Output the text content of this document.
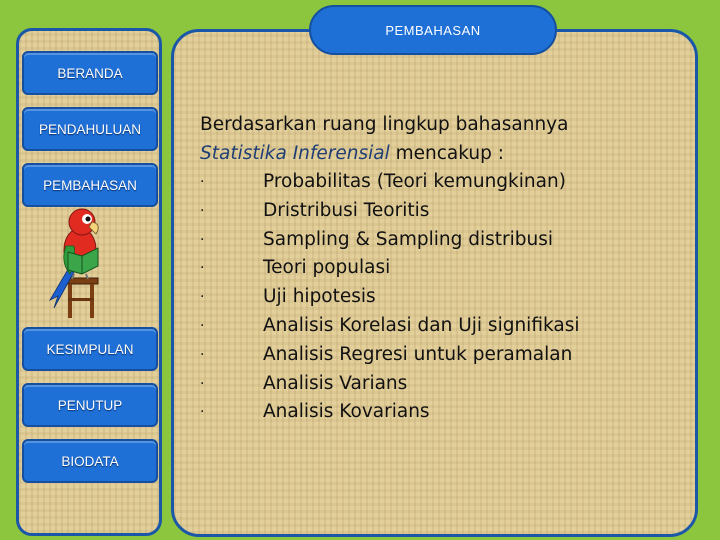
PEMBAHASAN
BERANDA
PENDAHULUAN
PEMBAHASAN
KESIMPULAN
PENUTUP
BIODATA

Berdasarkan ruang lingkup bahasannya

Statistika Inferensial mencakup :

·	Probabilitas (Teori kemungkinan)
·	Dristribusi Teoritis
·	Sampling & Sampling distribusi
·	Teori populasi
·	Uji hipotesis
·	Analisis Korelasi dan Uji signifikasi
·	Analisis Regresi untuk peramalan
·	Analisis Varians
·	Analisis Kovarians
